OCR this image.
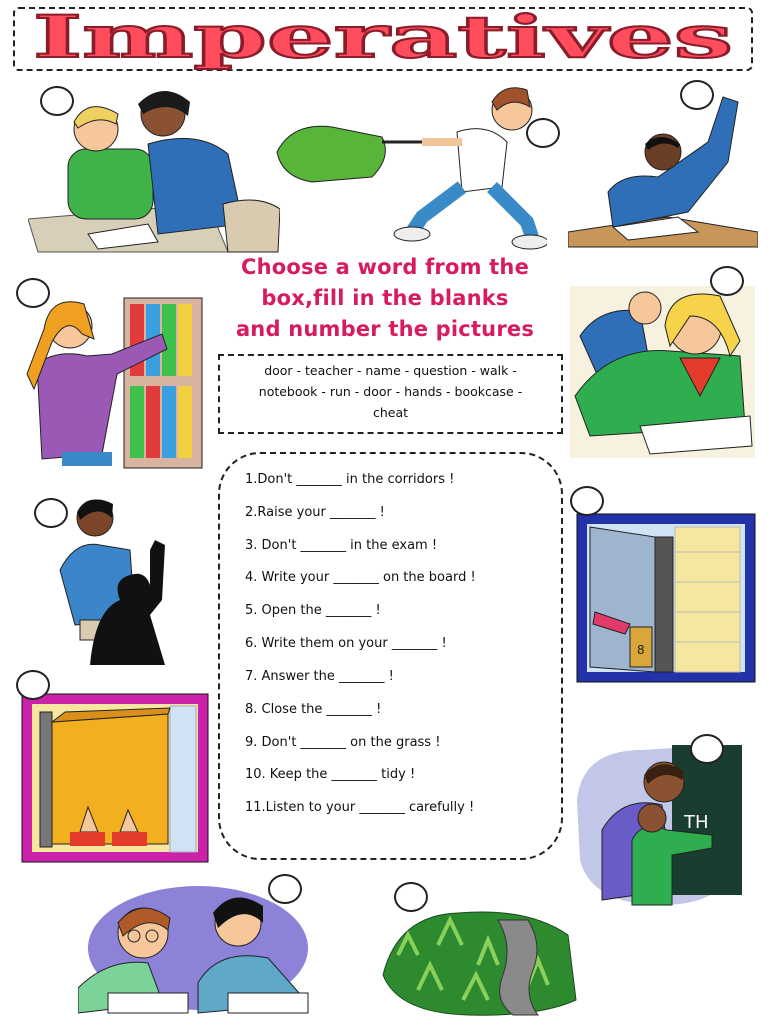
Imperatives
Choose a word from the
box,fill in the blanks
and number the pictures
door - teacher - name - question - walk -
notebook - run - door - hands - bookcase -
cheat
1.Don't _______ in the corridors !
2.Raise your _______ !
3. Don't _______ in the exam !
4. Write your _______ on the board !
5. Open the _______ !
6. Write them on your _______ !
7. Answer the _______ !
8. Close the _______ !
9. Don't _______ on the grass !
10. Keep the _______ tidy !
11.Listen to your _______ carefully !
8
TH
